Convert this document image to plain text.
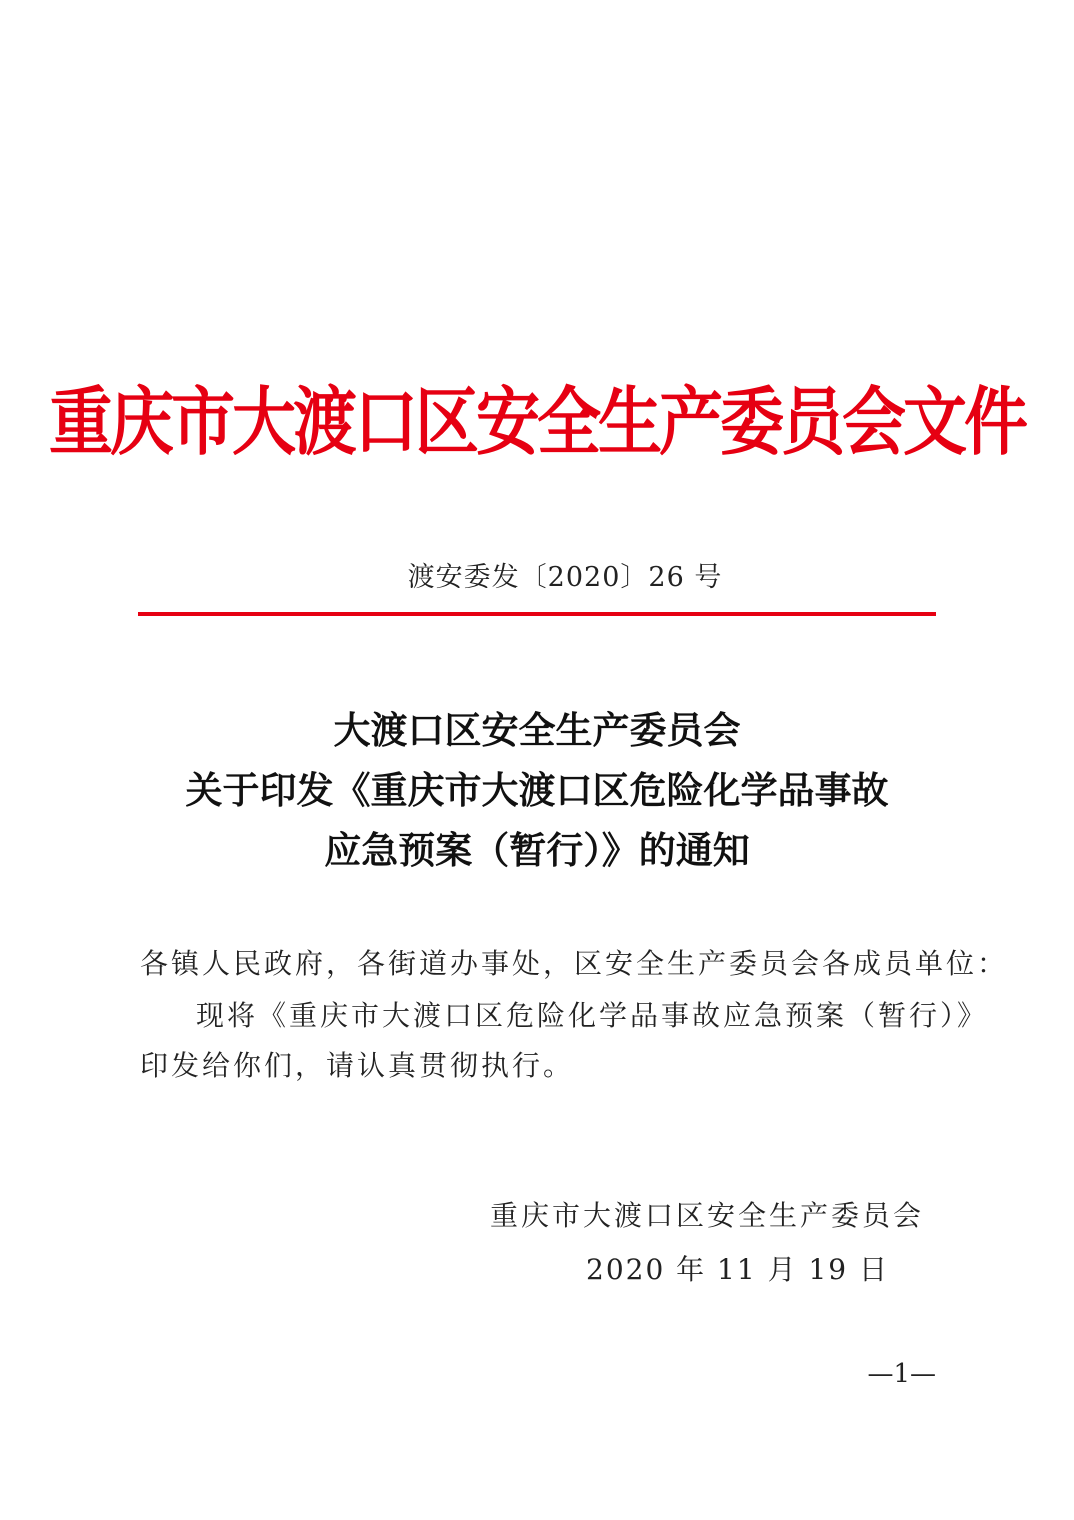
重庆市大渡口区安全生产委员会文件
渡安委发〔2020〕26 号
大渡口区安全生产委员会
关于印发《重庆市大渡口区危险化学品事故
应急预案（暂行）》的通知
各镇人民政府，各街道办事处，区安全生产委员会各成员单位：
现将《重庆市大渡口区危险化学品事故应急预案（暂行）》
印发给你们，请认真贯彻执行。
重庆市大渡口区安全生产委员会
2020 年 11 月 19 日
—1—
